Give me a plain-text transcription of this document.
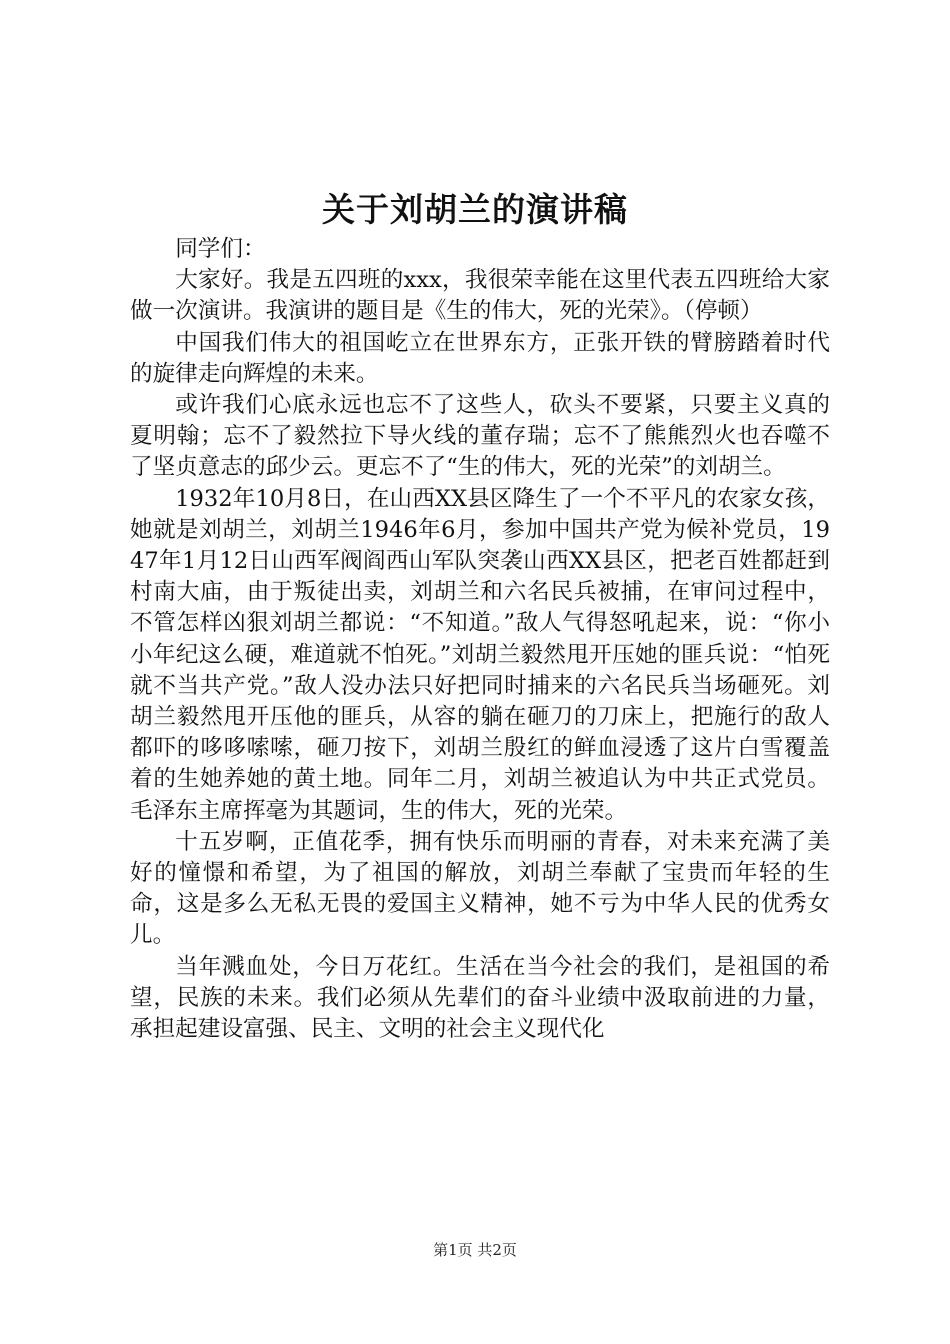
关于刘胡兰的演讲稿

同学们：

大家好。我是五四班的xxx，我很荣幸能在这里代表五四班给大家做一次演讲。我演讲的题目是《生的伟大，死的光荣》。（停顿）

中国我们伟大的祖国屹立在世界东方，正张开铁的臂膀踏着时代的旋律走向辉煌的未来。

或许我们心底永远也忘不了这些人，砍头不要紧，只要主义真的夏明翰；忘不了毅然拉下导火线的董存瑞；忘不了熊熊烈火也吞噬不了坚贞意志的邱少云。更忘不了“生的伟大，死的光荣”的刘胡兰。

1932年10月8日，在山西XX县区降生了一个不平凡的农家女孩，她就是刘胡兰，刘胡兰1946年6月，参加中国共产党为候补党员，1947年1月12日山西军阀阎西山军队突袭山西XX县区，把老百姓都赶到村南大庙，由于叛徒出卖，刘胡兰和六名民兵被捕，在审问过程中，不管怎样凶狠刘胡兰都说：“不知道。”敌人气得怒吼起来，说：“你小小年纪这么硬，难道就不怕死。”刘胡兰毅然甩开压她的匪兵说：“怕死就不当共产党。”敌人没办法只好把同时捕来的六名民兵当场砸死。刘胡兰毅然甩开压他的匪兵，从容的躺在砸刀的刀床上，把施行的敌人都吓的哆哆嗦嗦，砸刀按下，刘胡兰殷红的鲜血浸透了这片白雪覆盖着的生她养她的黄土地。同年二月，刘胡兰被追认为中共正式党员。毛泽东主席挥毫为其题词，生的伟大，死的光荣。

十五岁啊，正值花季，拥有快乐而明丽的青春，对未来充满了美好的憧憬和希望，为了祖国的解放，刘胡兰奉献了宝贵而年轻的生命，这是多么无私无畏的爱国主义精神，她不亏为中华人民的优秀女儿。

当年溅血处，今日万花红。生活在当今社会的我们，是祖国的希望，民族的未来。我们必须从先辈们的奋斗业绩中汲取前进的力量，承担起建设富强、民主、文明的社会主义现代化

第1页 共2页
